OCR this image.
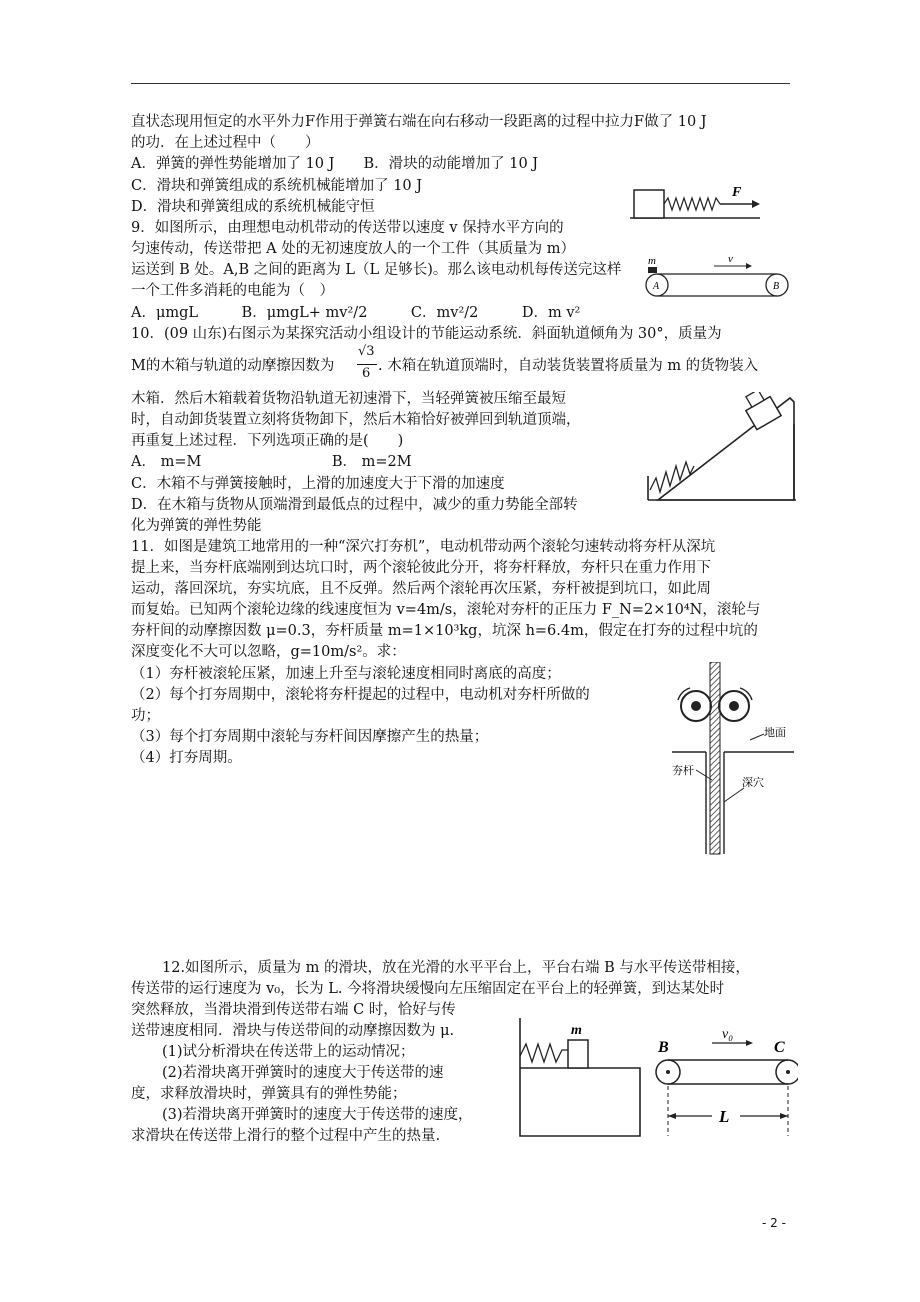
直状态现用恒定的水平外力F作用于弹簧右端在向右移动一段距离的过程中拉力F做了 10 J
的功．在上述过程中（　　）
A．弹簧的弹性势能增加了 10 J　　B．滑块的动能增加了 10 J
C．滑块和弹簧组成的系统机械能增加了 10 J
D．滑块和弹簧组成的系统机械能守恒
F
9．如图所示，由理想电动机带动的传送带以速度 v 保持水平方向的
匀速传动，传送带把 A 处的无初速度放人的一个工件（其质量为 m）
运送到 B 处。A,B 之间的距离为 L（L 足够长)。那么该电动机每传送完这样
一个工件多消耗的电能为（　）
A．μmgL　　　B．μmgL+ mv²/2　　　C．mv²/2　　　D．m v²
m	v
A	B
10．(09 山东)右图示为某探究活动小组设计的节能运动系统．斜面轨道倾角为 30°，质量为
M的木箱与轨道的动摩擦因数为
√3
6 . 木箱在轨道顶端时，自动装货装置将质量为 m 的货物装入
木箱．然后木箱载着货物沿轨道无初速滑下，当轻弹簧被压缩至最短
时，自动卸货装置立刻将货物卸下，然后木箱恰好被弹回到轨道顶端，
再重复上述过程．下列选项正确的是(　　)
A． m=M　　　　　　　　　B． m=2M
C．木箱不与弹簧接触时，上滑的加速度大于下滑的加速度
D．在木箱与货物从顶端滑到最低点的过程中，减少的重力势能全部转
化为弹簧的弹性势能
11．如图是建筑工地常用的一种“深穴打夯机”，电动机带动两个滚轮匀速转动将夯杆从深坑
提上来，当夯杆底端刚到达坑口时，两个滚轮彼此分开，将夯杆释放，夯杆只在重力作用下
运动，落回深坑，夯实坑底，且不反弹。然后两个滚轮再次压紧，夯杆被提到坑口，如此周
而复始。已知两个滚轮边缘的线速度恒为 v=4m/s，滚轮对夯杆的正压力 F_N=2×10⁴N，滚轮与
夯杆间的动摩擦因数 μ=0.3，夯杆质量 m=1×10³kg，坑深 h=6.4m，假定在打夯的过程中坑的
深度变化不大可以忽略，g=10m/s²。求：
（1）夯杆被滚轮压紧，加速上升至与滚轮速度相同时离底的高度；
（2）每个打夯周期中，滚轮将夯杆提起的过程中，电动机对夯杆所做的
功；
（3）每个打夯周期中滚轮与夯杆间因摩擦产生的热量；
（4）打夯周期。
地面
夯杆
深穴
12.如图所示，质量为 m 的滑块，放在光滑的水平平台上，平台右端 B 与水平传送带相接，
传送带的运行速度为 v₀，长为 L. 今将滑块缓慢向左压缩固定在平台上的轻弹簧，到达某处时
突然释放，当滑块滑到传送带右端 C 时，恰好与传
送带速度相同．滑块与传送带间的动摩擦因数为 μ.
(1)试分析滑块在传送带上的运动情况；
(2)若滑块离开弹簧时的速度大于传送带的速
度，求释放滑块时，弹簧具有的弹性势能；
(3)若滑块离开弹簧时的速度大于传送带的速度，
求滑块在传送带上滑行的整个过程中产生的热量.
m
B	C
v₀
L
- 2 -
